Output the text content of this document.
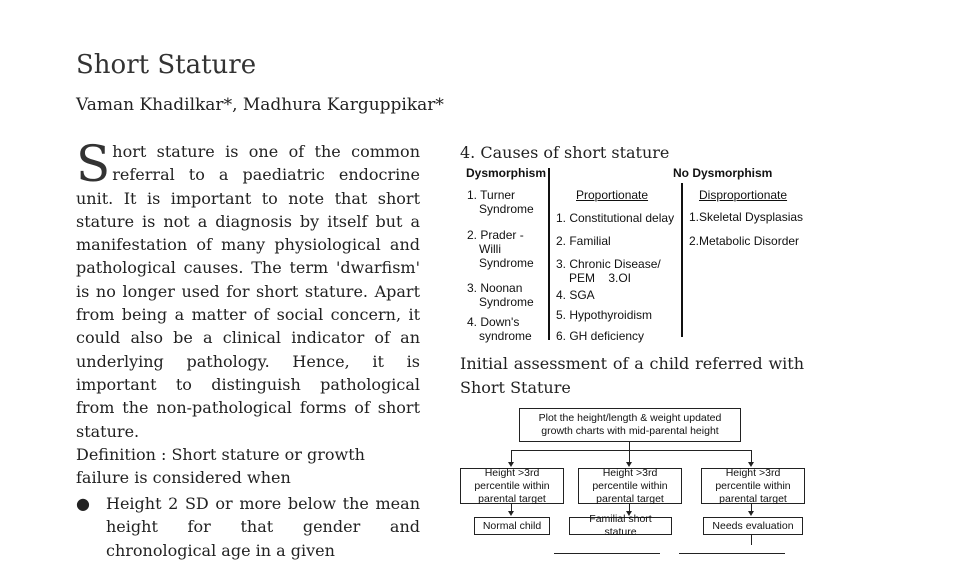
Short Stature
Vaman Khadilkar*, Madhura Karguppikar*

Short stature is one of the common referral to a paediatric endocrine unit. It is important to note that short stature is not a diagnosis by itself but a manifestation of many physiological and pathological causes. The term 'dwarfism' is no longer used for short stature. Apart from being a matter of social concern, it could also be a clinical indicator of an underlying pathology. Hence, it is important to distinguish pathological from the non-pathological forms of short stature.

Definition : Short stature or growth failure is considered when

● Height 2 SD or more below the mean height for that gender and chronological age in a given
4. Causes of short stature
Dysmorphism	No Dysmorphism
1. Turner
Syndrome
2. Prader -
Willi
Syndrome
3. Noonan
Syndrome
4. Down's
syndrome
Proportionate
1. Constitutional delay
2. Familial
3. Chronic Disease/
PEM    3.OI
4. SGA
5. Hypothyroidism
6. GH deficiency
Disproportionate
1.Skeletal Dysplasias
2.Metabolic Disorder
Initial assessment of a child referred with Short Stature
Plot the height/length & weight updated growth charts with mid-parental height
Height >3rd percentile within parental target
Height >3rd percentile within parental target
Height >3rd percentile within parental target
Normal child
Familial short stature
Needs evaluation
